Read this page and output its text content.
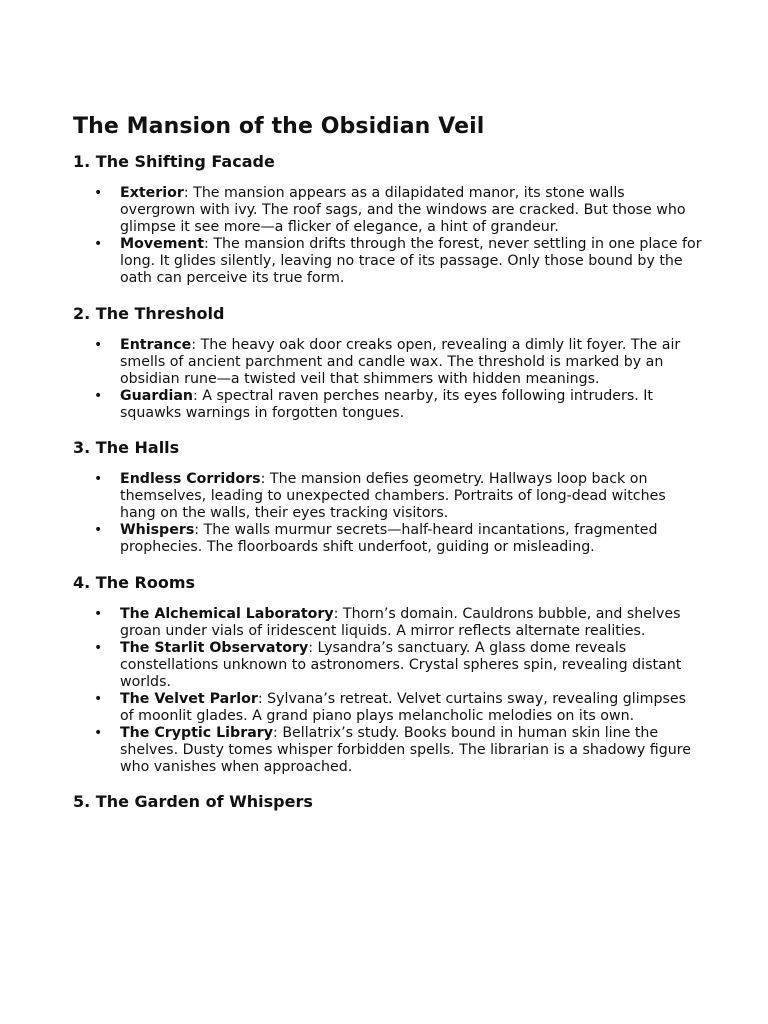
The Mansion of the Obsidian Veil
1. The Shifting Facade
• Exterior: The mansion appears as a dilapidated manor, its stone walls overgrown with ivy. The roof sags, and the windows are cracked. But those who glimpse it see more—a flicker of elegance, a hint of grandeur.
• Movement: The mansion drifts through the forest, never settling in one place for long. It glides silently, leaving no trace of its passage. Only those bound by the oath can perceive its true form.
2. The Threshold
• Entrance: The heavy oak door creaks open, revealing a dimly lit foyer. The air smells of ancient parchment and candle wax. The threshold is marked by an obsidian rune—a twisted veil that shimmers with hidden meanings.
• Guardian: A spectral raven perches nearby, its eyes following intruders. It squawks warnings in forgotten tongues.
3. The Halls
• Endless Corridors: The mansion defies geometry. Hallways loop back on themselves, leading to unexpected chambers. Portraits of long-dead witches hang on the walls, their eyes tracking visitors.
• Whispers: The walls murmur secrets—half-heard incantations, fragmented prophecies. The floorboards shift underfoot, guiding or misleading.
4. The Rooms
• The Alchemical Laboratory: Thorn’s domain. Cauldrons bubble, and shelves groan under vials of iridescent liquids. A mirror reflects alternate realities.
• The Starlit Observatory: Lysandra’s sanctuary. A glass dome reveals constellations unknown to astronomers. Crystal spheres spin, revealing distant worlds.
• The Velvet Parlor: Sylvana’s retreat. Velvet curtains sway, revealing glimpses of moonlit glades. A grand piano plays melancholic melodies on its own.
• The Cryptic Library: Bellatrix’s study. Books bound in human skin line the shelves. Dusty tomes whisper forbidden spells. The librarian is a shadowy figure who vanishes when approached.
5. The Garden of Whispers
